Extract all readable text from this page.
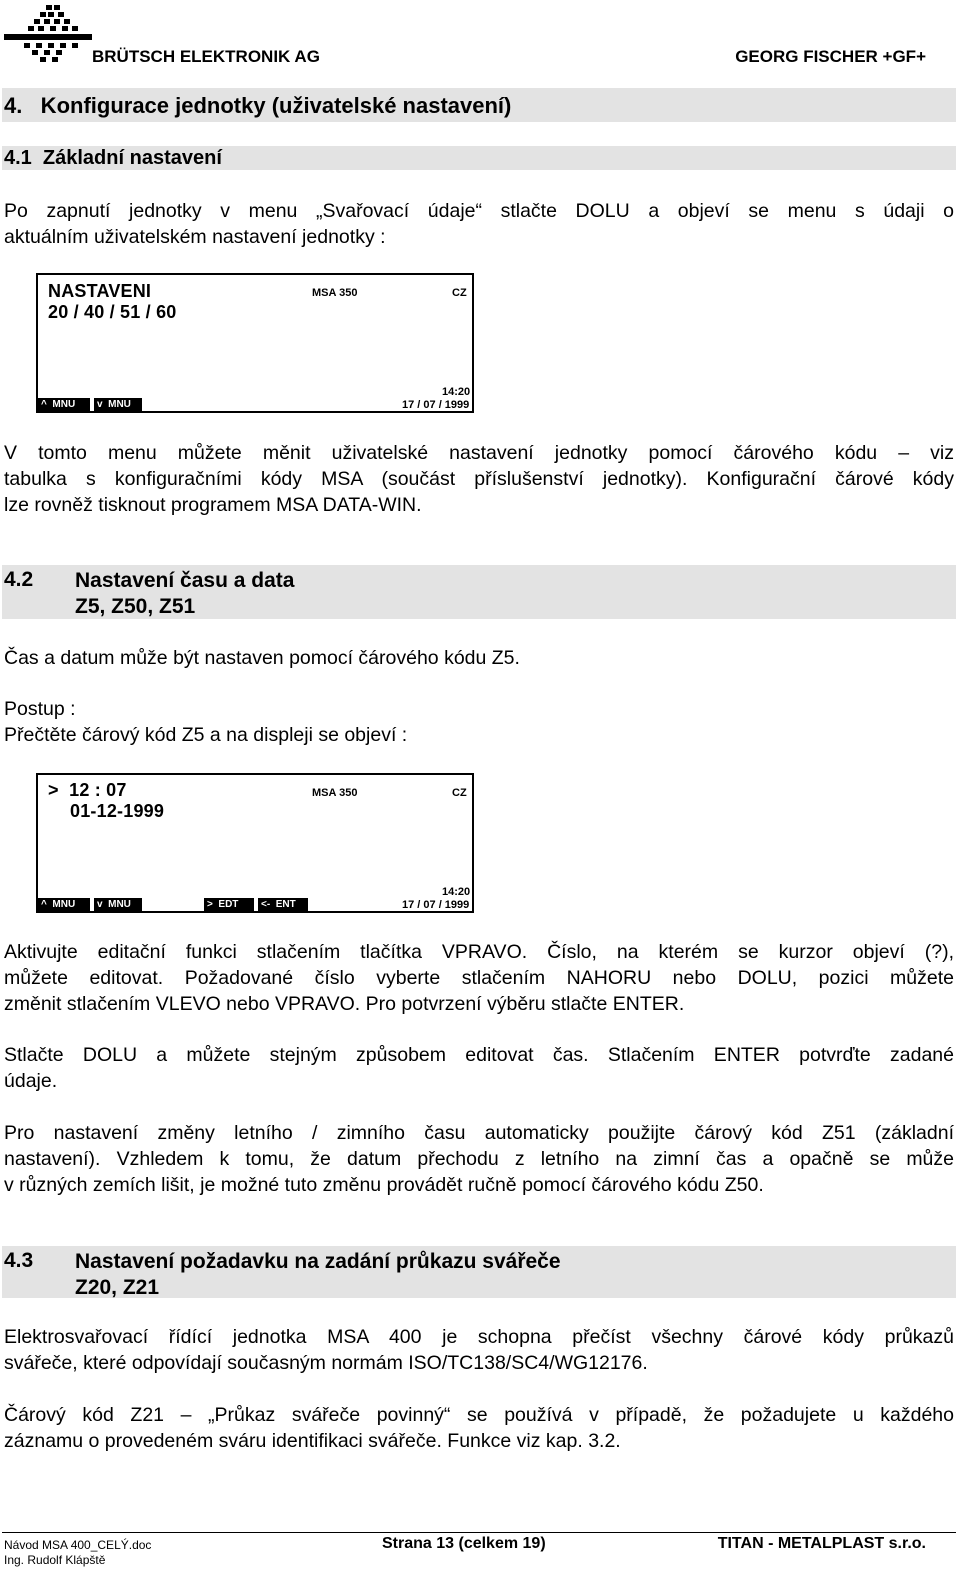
BRÜTSCH ELEKTRONIK AG	GEORG FISCHER +GF+
4.   Konfigurace jednotky (uživatelské nastavení)
4.1  Základní nastavení
Po zapnutí jednotky v menu „Svařovací údaje“ stlačte DOLU a objeví se menu s údaji o
aktuálním uživatelském nastavení jednotky :
NASTAVENI
20 / 40 / 51 / 60
MSA 350	CZ
14:20
17 / 07 / 1999
^  MNU	v  MNU
V tomto menu můžete měnit uživatelské nastavení jednotky pomocí čárového kódu – viz
tabulka s konfiguračními kódy MSA (součást příslušenství jednotky). Konfigurační čárové kódy
lze rovněž tisknout programem MSA DATA-WIN.
4.2 Nastavení času a data
Z5, Z50, Z51
Čas a datum může být nastaven pomocí čárového kódu Z5.
Postup :
Přečtěte čárový kód Z5 a na displeji se objeví :
>  12 : 07
01-12-1999
MSA 350	CZ
14:20
17 / 07 / 1999
^  MNU	v  MNU	>  EDT	<-  ENT
Aktivujte editační funkci stlačením tlačítka VPRAVO. Číslo, na kterém se kurzor objeví (?),
můžete editovat. Požadované číslo vyberte stlačením NAHORU nebo DOLU, pozici můžete
změnit stlačením VLEVO nebo VPRAVO. Pro potvrzení výběru stlačte ENTER.
Stlačte DOLU a můžete stejným způsobem editovat čas. Stlačením ENTER potvrďte zadané
údaje.
Pro nastavení změny letního / zimního času automaticky použijte čárový kód Z51 (základní
nastavení). Vzhledem k tomu, že datum přechodu z letního na zimní čas a opačně se může
v různých zemích lišit, je možné tuto změnu provádět ručně pomocí čárového kódu Z50.
4.3 Nastavení požadavku na zadání průkazu svářeče
Z20, Z21
Elektrosvařovací řídící jednotka MSA 400 je schopna přečíst všechny čárové kódy průkazů
svářeče, které odpovídají současným normám ISO/TC138/SC4/WG12176.
Čárový kód Z21 – „Průkaz svářeče povinný“ se používá v případě, že požadujete u každého
záznamu o provedeném sváru identifikaci svářeče. Funkce viz kap. 3.2.
Návod MSA 400_CELÝ.doc
Ing. Rudolf Klápště
Strana 13 (celkem 19)	TITAN - METALPLAST s.r.o.
